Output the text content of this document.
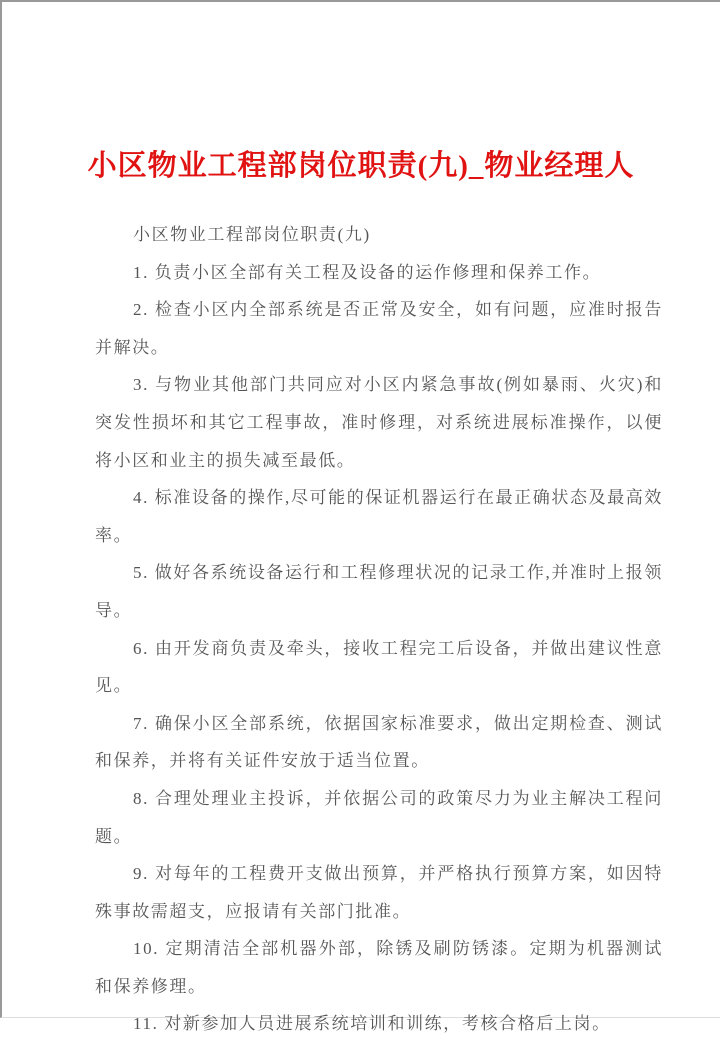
小区物业工程部岗位职责(九)_物业经理人

小区物业工程部岗位职责(九)

1. 负责小区全部有关工程及设备的运作修理和保养工作。

2. 检查小区内全部系统是否正常及安全，如有问题，应准时报告并解决。

3. 与物业其他部门共同应对小区内紧急事故(例如暴雨、火灾)和突发性损坏和其它工程事故，准时修理，对系统进展标准操作，以便将小区和业主的损失减至最低。

4. 标准设备的操作,尽可能的保证机器运行在最正确状态及最高效率。

5. 做好各系统设备运行和工程修理状况的记录工作,并准时上报领导。

6. 由开发商负责及牵头，接收工程完工后设备，并做出建议性意见。

7. 确保小区全部系统，依据国家标准要求，做出定期检查、测试和保养，并将有关证件安放于适当位置。

8. 合理处理业主投诉，并依据公司的政策尽力为业主解决工程问题。

9. 对每年的工程费开支做出预算，并严格执行预算方案，如因特殊事故需超支，应报请有关部门批准。

10. 定期清洁全部机器外部，除锈及刷防锈漆。定期为机器测试和保养修理。

11. 对新参加人员进展系统培训和训练，考核合格后上岗。
